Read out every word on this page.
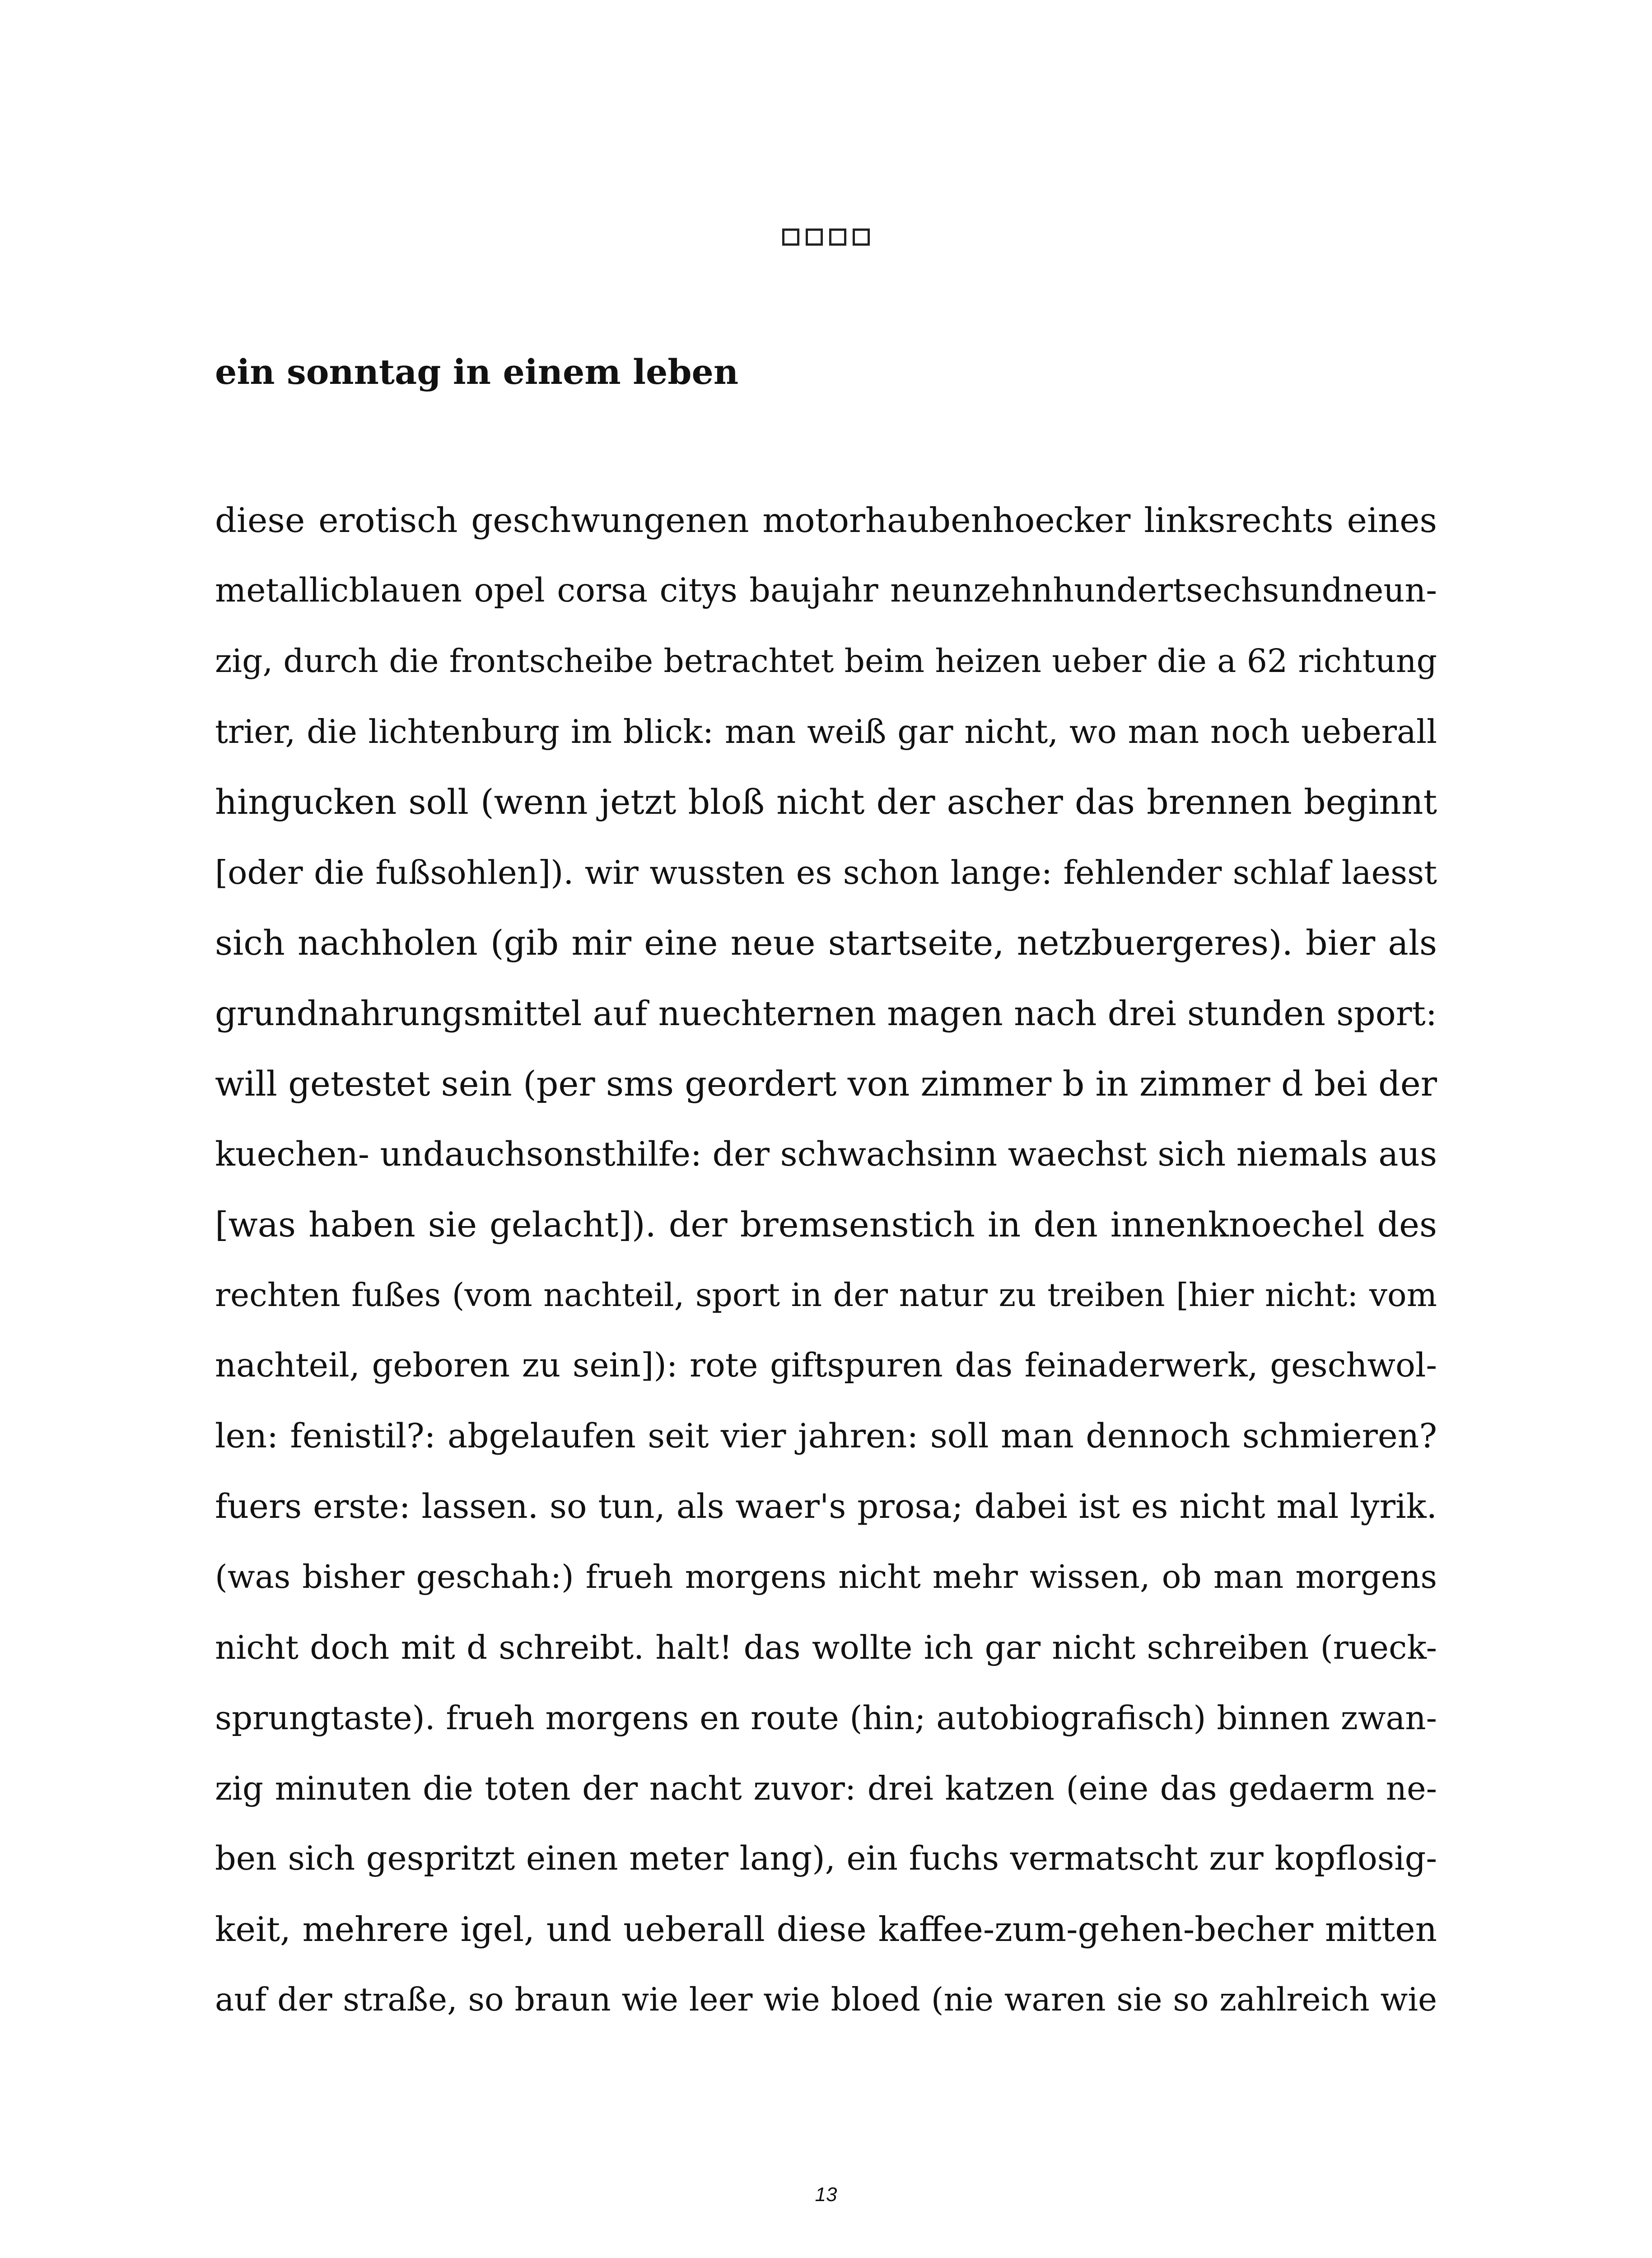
ein sonntag in einem leben
diese erotisch geschwungenen motorhaubenhoecker linksrechts eines
metallicblauen opel corsa citys baujahr neunzehnhundertsechsundneun-
zig, durch die frontscheibe betrachtet beim heizen ueber die a 62 richtung
trier, die lichtenburg im blick: man weiß gar nicht, wo man noch ueberall
hingucken soll (wenn jetzt bloß nicht der ascher das brennen beginnt
[oder die fußsohlen]). wir wussten es schon lange: fehlender schlaf laesst
sich nachholen (gib mir eine neue startseite, netzbuergeres). bier als
grundnahrungsmittel auf nuechternen magen nach drei stunden sport:
will getestet sein (per sms geordert von zimmer b in zimmer d bei der
kuechen- undauchsonsthilfe: der schwachsinn waechst sich niemals aus
[was haben sie gelacht]). der bremsenstich in den innenknoechel des
rechten fußes (vom nachteil, sport in der natur zu treiben [hier nicht: vom
nachteil, geboren zu sein]): rote giftspuren das feinaderwerk, geschwol-
len: fenistil?: abgelaufen seit vier jahren: soll man dennoch schmieren?
fuers erste: lassen. so tun, als waer's prosa; dabei ist es nicht mal lyrik.
(was bisher geschah:) frueh morgens nicht mehr wissen, ob man morgens
nicht doch mit d schreibt. halt! das wollte ich gar nicht schreiben (rueck-
sprungtaste). frueh morgens en route (hin; autobiografisch) binnen zwan-
zig minuten die toten der nacht zuvor: drei katzen (eine das gedaerm ne-
ben sich gespritzt einen meter lang), ein fuchs vermatscht zur kopflosig-
keit, mehrere igel, und ueberall diese kaffee-zum-gehen-becher mitten
auf der straße, so braun wie leer wie bloed (nie waren sie so zahlreich wie

13
